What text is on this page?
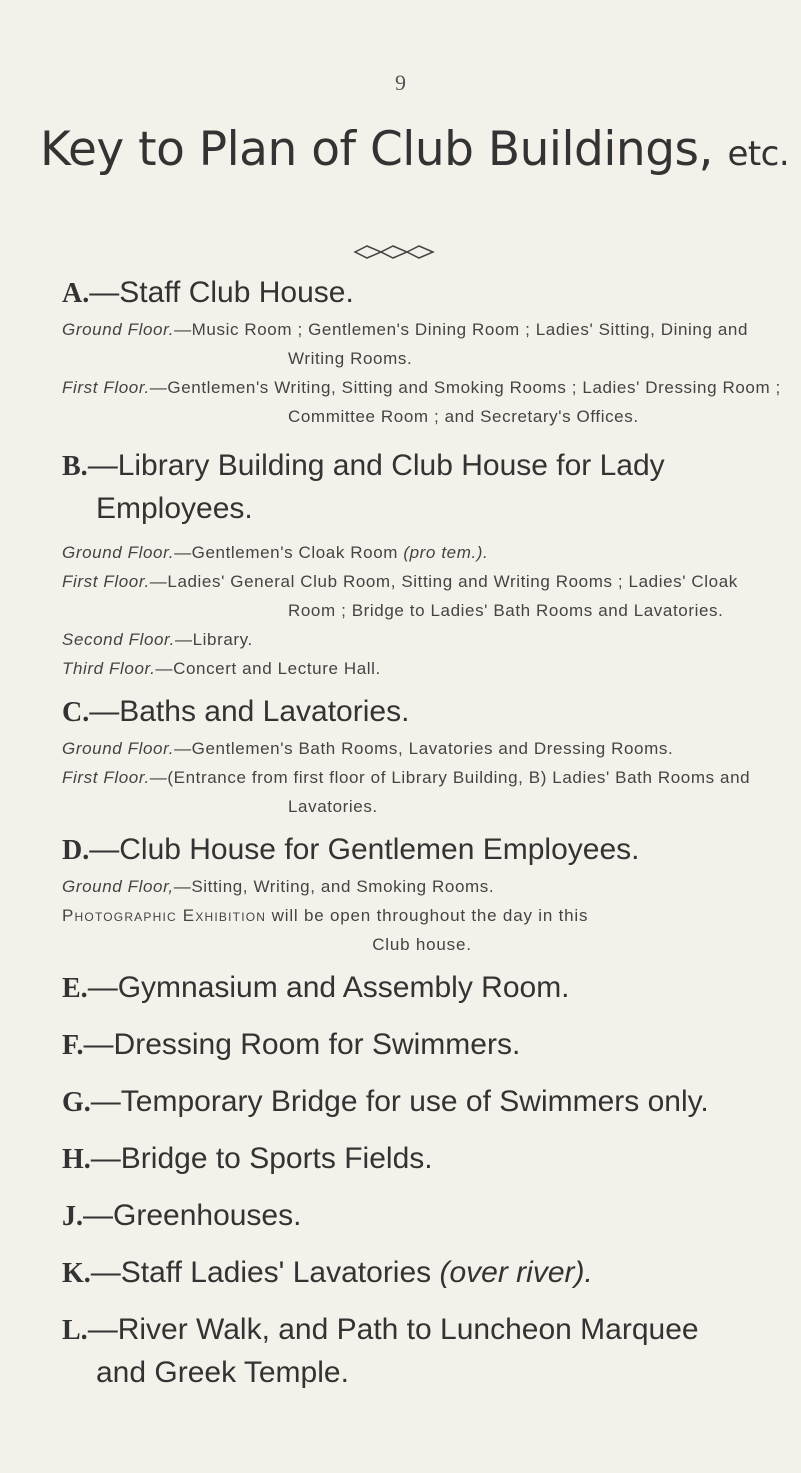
9
Key to Plan of Club Buildings, etc.

A.—Staff Club House.

Ground Floor.—Music Room ; Gentlemen's Dining Room ; Ladies' Sitting, Dining and Writing Rooms.

First Floor.—Gentlemen's Writing, Sitting and Smoking Rooms ; Ladies' Dressing Room ; Committee Room ; and Secretary's Offices.

B.—Library Building and Club House for Lady
Employees.

Ground Floor.—Gentlemen's Cloak Room (pro tem.).

First Floor.—Ladies' General Club Room, Sitting and Writing Rooms ; Ladies' Cloak Room ; Bridge to Ladies' Bath Rooms and Lavatories.

Second Floor.—Library.

Third Floor.—Concert and Lecture Hall.

C.—Baths and Lavatories.

Ground Floor.—Gentlemen's Bath Rooms, Lavatories and Dressing Rooms.

First Floor.—(Entrance from first floor of Library Building, B) Ladies' Bath Rooms and Lavatories.

D.—Club House for Gentlemen Employees.

Ground Floor,—Sitting, Writing, and Smoking Rooms.

Photographic Exhibition will be open throughout the day in this
Club house.

E.—Gymnasium and Assembly Room.

F.—Dressing Room for Swimmers.

G.—Temporary Bridge for use of Swimmers only.

H.—Bridge to Sports Fields.

J.—Greenhouses.

K.—Staff Ladies' Lavatories (over river).

L.—River Walk, and Path to Luncheon Marquee
and Greek Temple.
